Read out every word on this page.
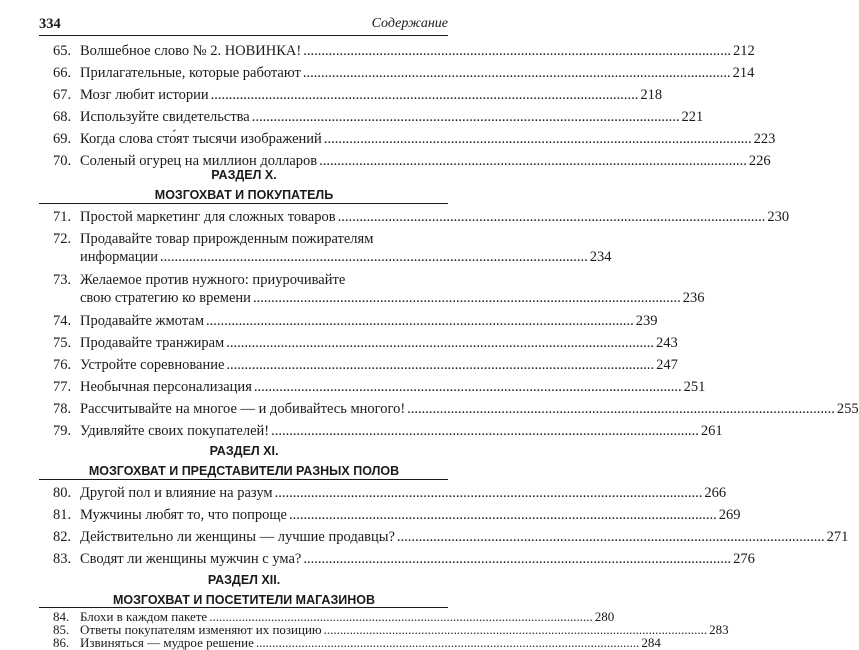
334	Содержание
65. Волшебное слово № 2. НОВИНКА! ...................................................................................................................... 212
66. Прилагательные, которые работают ...................................................................................................................... 214
67. Мозг любит истории ...................................................................................................................... 218
68. Используйте свидетельства ...................................................................................................................... 221
69. Когда слова сто́ят тысячи изображений ...................................................................................................................... 223
70. Соленый огурец на миллион долларов ...................................................................................................................... 226
РАЗДЕЛ X.
МОЗГОХВАТ И ПОКУПАТЕЛЬ
71. Простой маркетинг для сложных товаров ...................................................................................................................... 230
72. Продавайте товар прирожденным пожирателям
информации ...................................................................................................................... 234
73. Желаемое против нужного: приурочивайте
свою стратегию ко времени ...................................................................................................................... 236
74. Продавайте жмотам ...................................................................................................................... 239
75. Продавайте транжирам ...................................................................................................................... 243
76. Устройте соревнование ...................................................................................................................... 247
77. Необычная персонализация ...................................................................................................................... 251
78. Рассчитывайте на многое — и добивайтесь многого! ...................................................................................................................... 255
79. Удивляйте своих покупателей! ...................................................................................................................... 261
РАЗДЕЛ XI.
МОЗГОХВАТ И ПРЕДСТАВИТЕЛИ РАЗНЫХ ПОЛОВ
80. Другой пол и влияние на разум ...................................................................................................................... 266
81. Мужчины любят то, что попроще ...................................................................................................................... 269
82. Действительно ли женщины — лучшие продавцы? ...................................................................................................................... 271
83. Сводят ли женщины мужчин с ума? ...................................................................................................................... 276
РАЗДЕЛ XII.
МОЗГОХВАТ И ПОСЕТИТЕЛИ МАГАЗИНОВ
84. Блохи в каждом пакете ...................................................................................................................... 280
85. Ответы покупателям изменяют их позицию ...................................................................................................................... 283
86. Извиняться — мудрое решение ...................................................................................................................... 284
